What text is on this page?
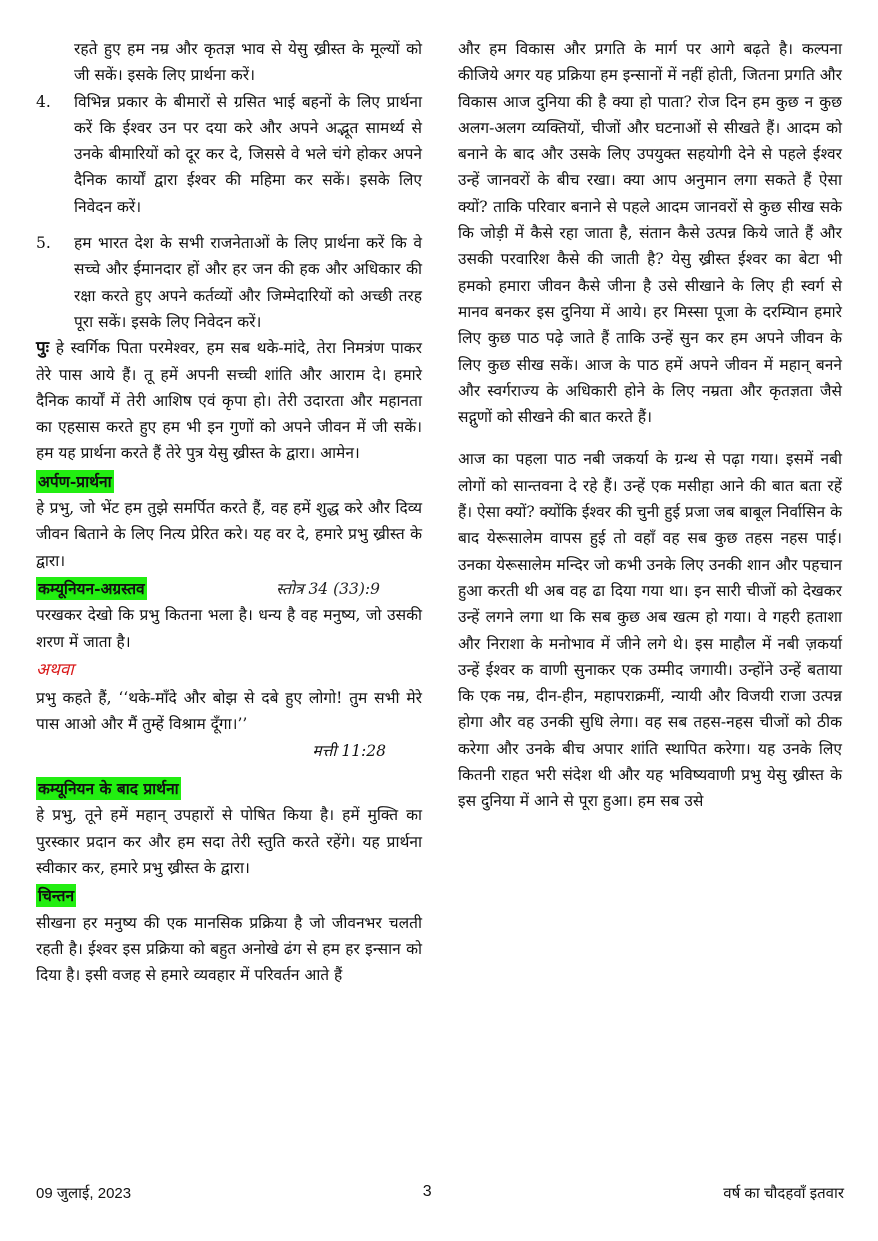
रहते हुए हम नम्र और कृतज्ञ भाव से येसु ख्रीस्त के मूल्यों को जी सकें। इसके लिए प्रार्थना करें।

4.	विभिन्न प्रकार के बीमारों से ग्रसित भाई बहनों के लिए प्रार्थना करें कि ईश्वर उन पर दया करे और अपने अद्भूत सामर्थ्य से उनके बीमारियों को दूर कर दे, जिससे वे भले चंगे होकर अपने दैनिक कार्यों द्वारा ईश्वर की महिमा कर सकें। इसके लिए निवेदन करें।
5.	हम भारत देश के सभी राजनेताओं के लिए प्रार्थना करें कि वे सच्चे और ईमानदार हों और हर जन की हक और अधिकार की रक्षा करते हुए अपने कर्तव्यों और जिम्मेदारियों को अच्छी तरह पूरा सकें। इसके लिए निवेदन करें।

पुः हे स्वर्गिक पिता परमेश्वर, हम सब थके-मांदे, तेरा निमत्रंण पाकर तेरे पास आये हैं। तू हमें अपनी सच्ची शांति और आराम दे। हमारे दैनिक कार्यों में तेरी आशिष एवं कृपा हो। तेरी उदारता और महानता का एहसास करते हुए हम भी इन गुणों को अपने जीवन में जी सकें। हम यह प्रार्थना करते हैं तेरे पुत्र येसु ख्रीस्त के द्वारा। आमेन।

अर्पण-प्रार्थना

हे प्रभु, जो भेंट हम तुझे समर्पित करते हैं, वह हमें शुद्ध करे और दिव्य जीवन बिताने के लिए नित्य प्रेरित करे। यह वर दे, हमारे प्रभु ख्रीस्त के द्वारा।

कम्यूनियन-अग्रस्तव	स्तोत्र 34 (33):9

परखकर देखो कि प्रभु कितना भला है। धन्य है वह मनुष्य, जो उसकी शरण में जाता है।

अथवा

प्रभु कहते हैं, ‘‘थके-माँदे और बोझ से दबे हुए लोगो! तुम सभी मेरे पास आओ और मैं तुम्हें विश्राम दूँगा।’’

मत्ती 11:28
कम्यूनियन के बाद प्रार्थना

हे प्रभु, तूने हमें महान् उपहारों से पोषित किया है। हमें मुक्ति का पुरस्कार प्रदान कर और हम सदा तेरी स्तुति करते रहेंगे। यह प्रार्थना स्वीकार कर, हमारे प्रभु ख्रीस्त के द्वारा।

चिन्तन

सीखना हर मनुष्य की एक मानसिक प्रक्रिया है जो जीवनभर चलती रहती है। ईश्वर इस प्रक्रिया को बहुत अनोखे ढंग से हम हर इन्सान को दिया है। इसी वजह से हमारे व्यवहार में परिवर्तन आते हैं

और हम विकास और प्रगति के मार्ग पर आगे बढ़ते है। कल्पना कीजिये अगर यह प्रक्रिया हम इन्सानों में नहीं होती, जितना प्रगति और विकास आज दुनिया की है क्या हो पाता? रोज दिन हम कुछ न कुछ अलग-अलग व्यक्तियों, चीजों और घटनाओं से सीखते हैं। आदम को बनाने के बाद और उसके लिए उपयुक्त सहयोगी देने से पहले ईश्वर उन्हें जानवरों के बीच रखा। क्या आप अनुमान लगा सकते हैं ऐसा क्यों? ताकि परिवार बनाने से पहले आदम जानवरों से कुछ सीख सके कि जोड़ी में कैसे रहा जाता है, संतान कैसे उत्पन्न किये जाते हैं और उसकी परवारिश कैसे की जाती है? येसु ख्रीस्त ईश्वर का बेटा भी हमको हमारा जीवन कैसे जीना है उसे सीखाने के लिए ही स्वर्ग से मानव बनकर इस दुनिया में आये। हर मिस्सा पूजा के दरम्यिान हमारे लिए कुछ पाठ पढ़े जाते हैं ताकि उन्हें सुन कर हम अपने जीवन के लिए कुछ सीख सकें। आज के पाठ हमें अपने जीवन में महान् बनने और स्वर्गराज्य के अधिकारी होने के लिए नम्रता और कृतज्ञता जैसे सद्गुणों को सीखने की बात करते हैं।

आज का पहला पाठ नबी जकर्या के ग्रन्थ से पढ़ा गया। इसमें नबी लोगों को सान्तवना दे रहे हैं। उन्हें एक मसीहा आने की बात बता रहें हैं। ऐसा क्यों? क्योंकि ईश्वर की चुनी हुई प्रजा जब बाबूल निर्वासिन के बाद येरूसालेम वापस हुई तो वहाँ वह सब कुछ तहस नहस पाई। उनका येरूसालेम मन्दिर जो कभी उनके लिए उनकी शान और पहचान हुआ करती थी अब वह ढा दिया गया था। इन सारी चीजों को देखकर उन्हें लगने लगा था कि सब कुछ अब खत्म हो गया। वे गहरी हताशा और निराशा के मनोभाव में जीने लगे थे। इस माहौल में नबी ज़कर्या उन्हें ईश्वर क वाणी सुनाकर एक उम्मीद जगायी। उन्होंने उन्हें बताया कि एक नम्र, दीन-हीन, महापराक्रमीं, न्यायी और विजयी राजा उत्पन्न होगा और वह उनकी सुधि लेगा। वह सब तहस-नहस चीजों को ठीक करेगा और उनके बीच अपार शांति स्थापित करेगा। यह उनके लिए कितनी राहत भरी संदेश थी और यह भविष्यवाणी प्रभु येसु ख्रीस्त के इस दुनिया में आने से पूरा हुआ। हम सब उसे

09 जुलाई, 2023	3	वर्ष का चौदहवाँ इतवार
